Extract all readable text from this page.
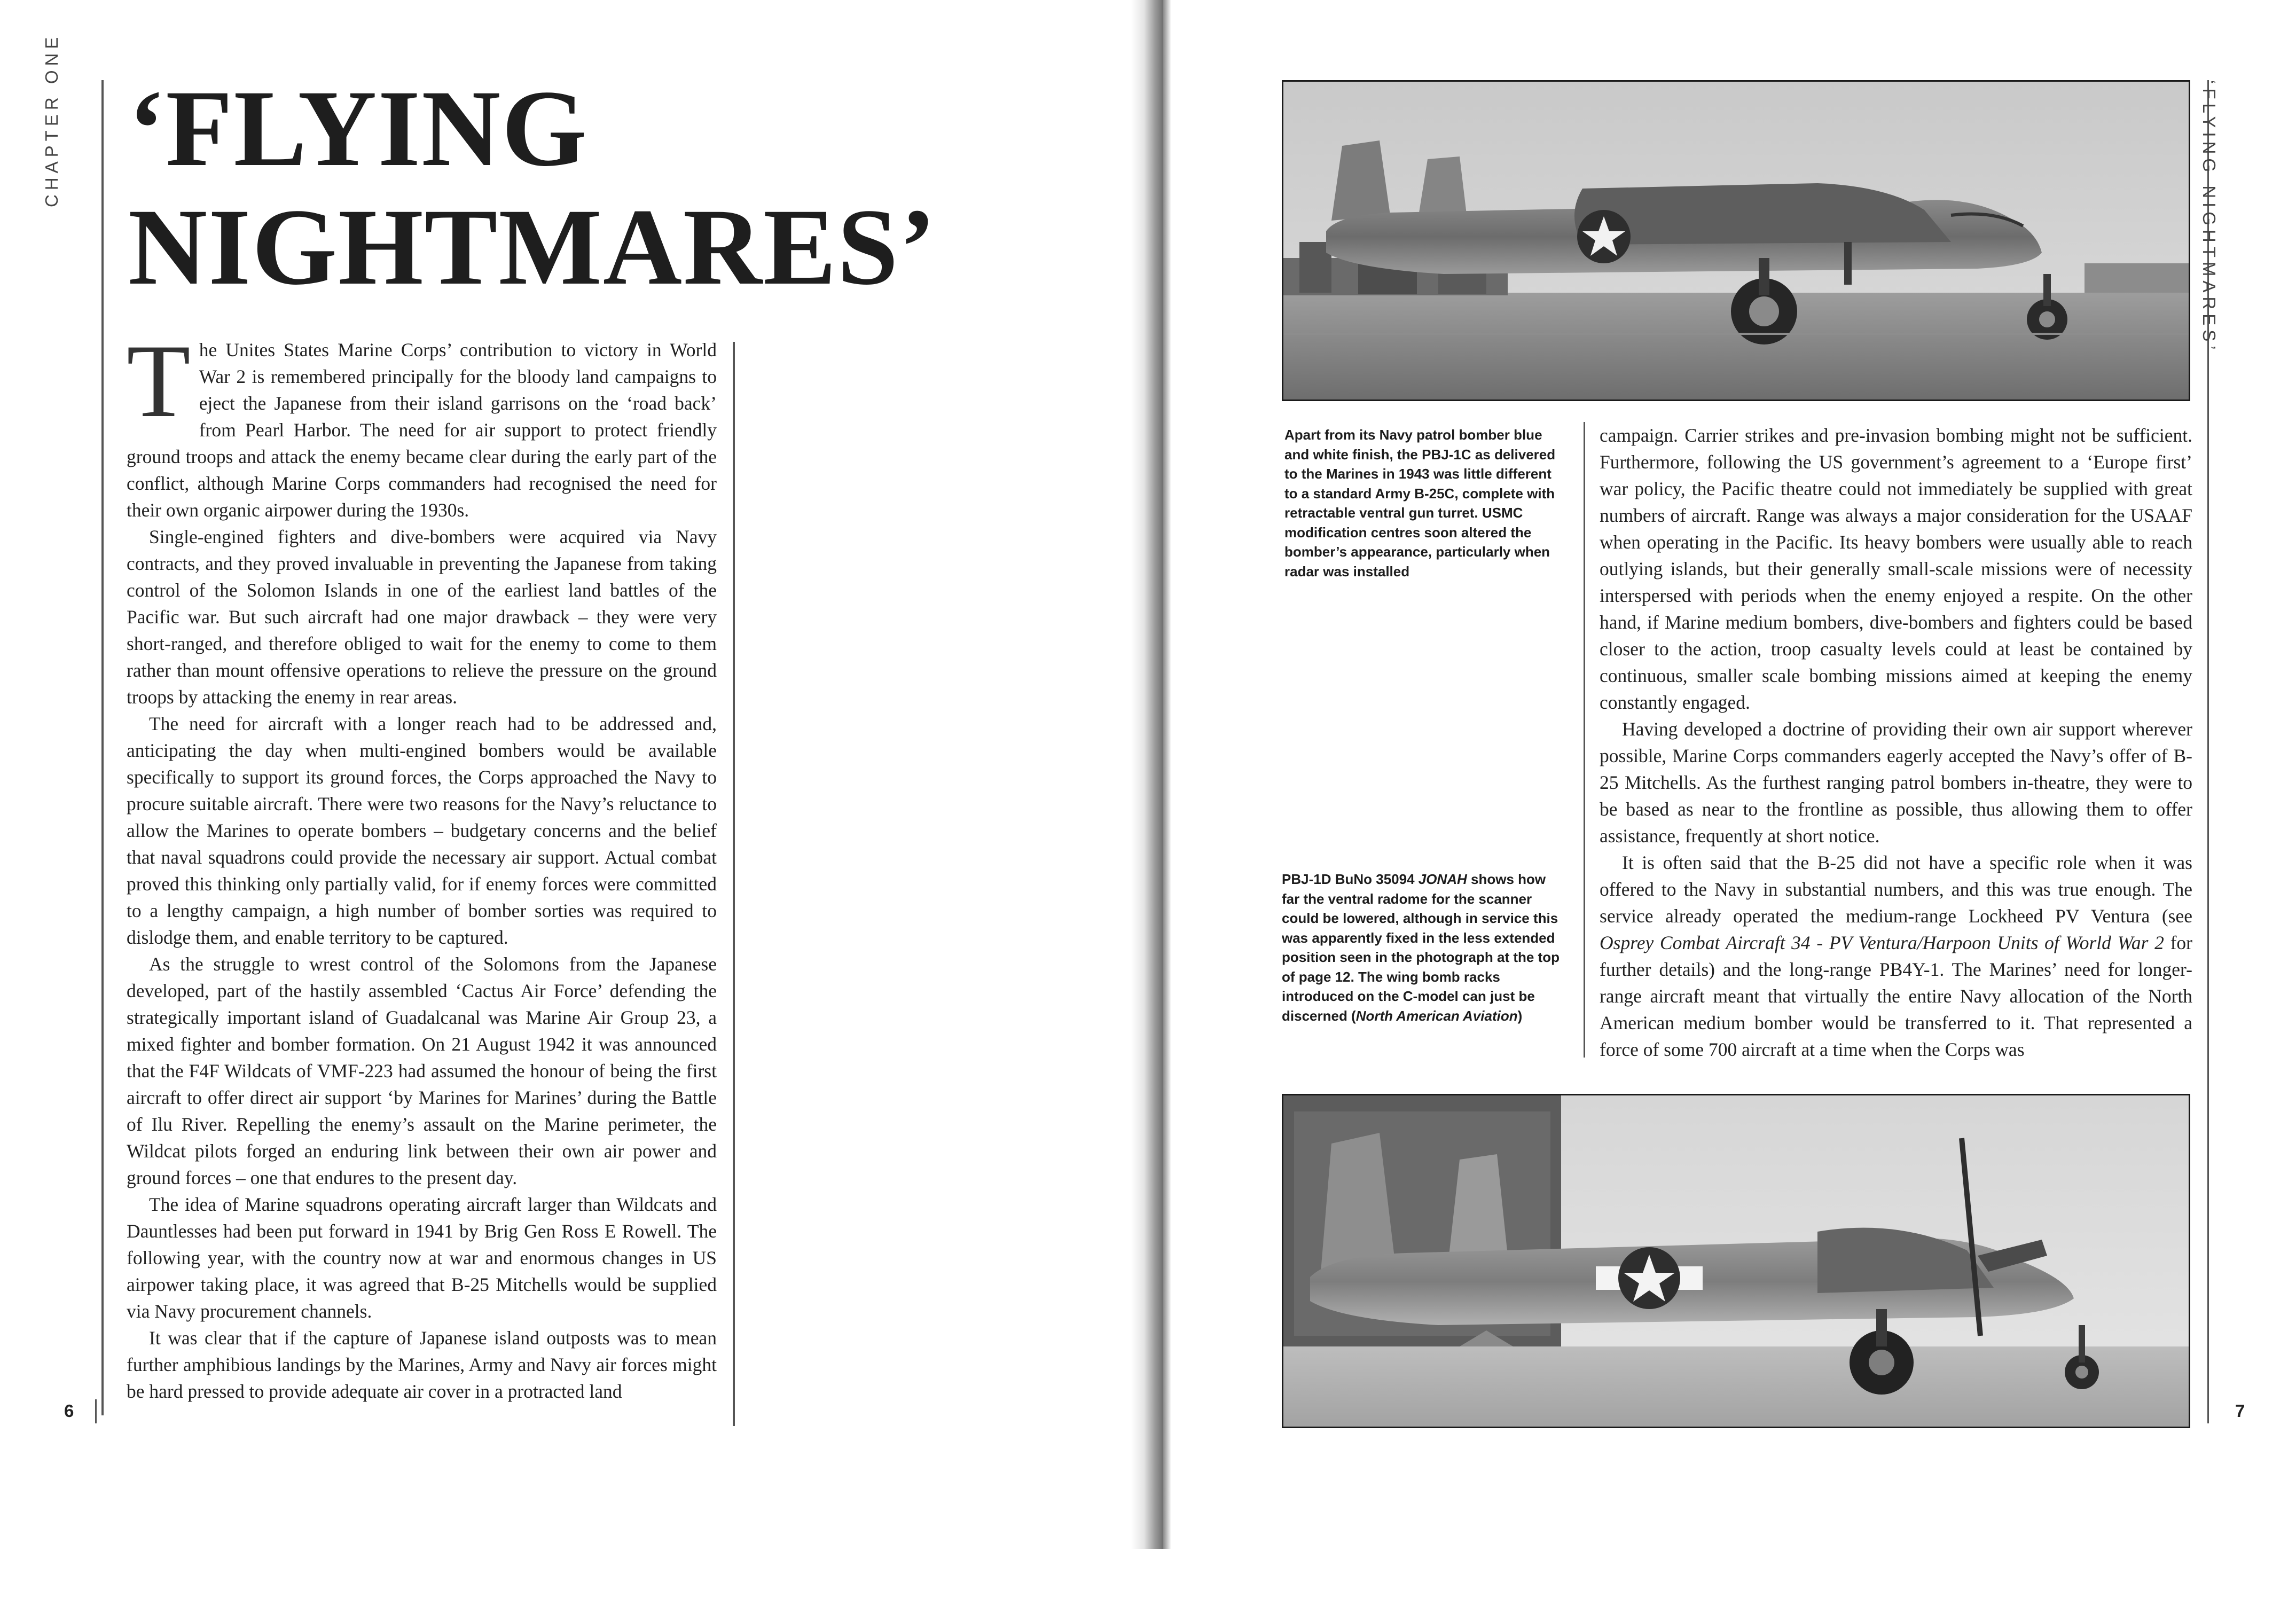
CHAPTER ONE ‘FLYING
NIGHTMARES’

The Unites States Marine Corps’ contribution to victory in World War 2 is remembered principally for the bloody land campaigns to eject the Japanese from their island garrisons on the ‘road back’ from Pearl Harbor. The need for air support to protect friendly ground troops and attack the enemy became clear during the early part of the conflict, although Marine Corps commanders had recognised the need for their own organic airpower during the 1930s.

Single-engined fighters and dive-bombers were acquired via Navy contracts, and they proved invaluable in preventing the Japanese from taking control of the Solomon Islands in one of the earliest land battles of the Pacific war. But such aircraft had one major drawback – they were very short-ranged, and therefore obliged to wait for the enemy to come to them rather than mount offensive operations to relieve the pressure on the ground troops by attacking the enemy in rear areas.

The need for aircraft with a longer reach had to be addressed and, anticipating the day when multi-engined bombers would be available specifically to support its ground forces, the Corps approached the Navy to procure suitable aircraft. There were two reasons for the Navy’s reluctance to allow the Marines to operate bombers – budgetary concerns and the belief that naval squadrons could provide the necessary air support. Actual combat proved this thinking only partially valid, for if enemy forces were committed to a lengthy campaign, a high number of bomber sorties was required to dislodge them, and enable territory to be captured.

As the struggle to wrest control of the Solomons from the Japanese developed, part of the hastily assembled ‘Cactus Air Force’ defending the strategically important island of Guadalcanal was Marine Air Group 23, a mixed fighter and bomber formation. On 21 August 1942 it was announced that the F4F Wildcats of VMF-223 had assumed the honour of being the first aircraft to offer direct air support ‘by Marines for Marines’ during the Battle of Ilu River. Repelling the enemy’s assault on the Marine perimeter, the Wildcat pilots forged an enduring link between their own air power and ground forces – one that endures to the present day.

The idea of Marine squadrons operating aircraft larger than Wildcats and Dauntlesses had been put forward in 1941 by Brig Gen Ross E Rowell. The following year, with the country now at war and enormous changes in US airpower taking place, it was agreed that B-25 Mitchells would be supplied via Navy procurement channels.

It was clear that if the capture of Japanese island outposts was to mean further amphibious landings by the Marines, Army and Navy air forces might be hard pressed to provide adequate air cover in a protracted land

6
‘FLYING NIGHTMARES’
7
Apart from its Navy patrol bomber blue and white finish, the PBJ-1C as delivered to the Marines in 1943 was little different to a standard Army B-25C, complete with retractable ventral gun turret. USMC modification centres soon altered the bomber’s appearance, particularly when radar was installed
PBJ-1D BuNo 35094 JONAH shows how far the ventral radome for the scanner could be lowered, although in service this was apparently fixed in the less extended position seen in the photograph at the top of page 12. The wing bomb racks introduced on the C-model can just be discerned (North American Aviation)

campaign. Carrier strikes and pre-invasion bombing might not be sufficient. Furthermore, following the US government’s agreement to a ‘Europe first’ war policy, the Pacific theatre could not immediately be supplied with great numbers of aircraft. Range was always a major consideration for the USAAF when operating in the Pacific. Its heavy bombers were usually able to reach outlying islands, but their generally small-scale missions were of necessity interspersed with periods when the enemy enjoyed a respite. On the other hand, if Marine medium bombers, dive-bombers and fighters could be based closer to the action, troop casualty levels could at least be contained by continuous, smaller scale bombing missions aimed at keeping the enemy constantly engaged.

Having developed a doctrine of providing their own air support wherever possible, Marine Corps commanders eagerly accepted the Navy’s offer of B-25 Mitchells. As the furthest ranging patrol bombers in-theatre, they were to be based as near to the frontline as possible, thus allowing them to offer assistance, frequently at short notice.

It is often said that the B-25 did not have a specific role when it was offered to the Navy in substantial numbers, and this was true enough. The service already operated the medium-range Lockheed PV Ventura (see Osprey Combat Aircraft 34 - PV Ventura/Harpoon Units of World War 2 for further details) and the long-range PB4Y-1. The Marines’ need for longer-range aircraft meant that virtually the entire Navy allocation of the North American medium bomber would be transferred to it. That represented a force of some 700 aircraft at a time when the Corps was
